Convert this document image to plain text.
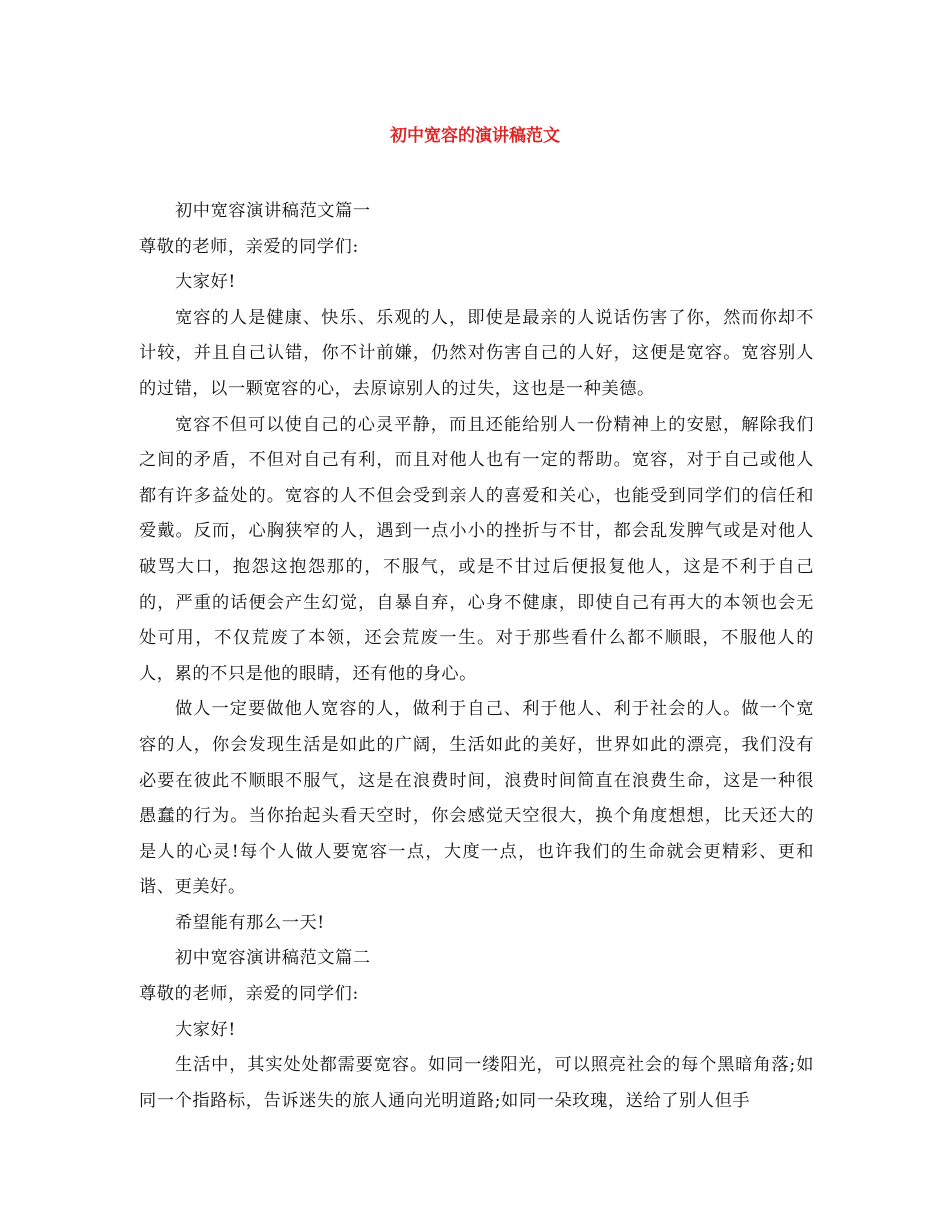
初中宽容的演讲稿范文

初中宽容演讲稿范文篇一

尊敬的老师，亲爱的同学们:

大家好!

宽容的人是健康、快乐、乐观的人，即使是最亲的人说话伤害了你，然而你却不计较，并且自己认错，你不计前嫌，仍然对伤害自己的人好，这便是宽容。宽容别人的过错，以一颗宽容的心，去原谅别人的过失，这也是一种美德。

宽容不但可以使自己的心灵平静，而且还能给别人一份精神上的安慰，解除我们之间的矛盾，不但对自己有利，而且对他人也有一定的帮助。宽容，对于自己或他人都有许多益处的。宽容的人不但会受到亲人的喜爱和关心，也能受到同学们的信任和爱戴。反而，心胸狭窄的人，遇到一点小小的挫折与不甘，都会乱发脾气或是对他人破骂大口，抱怨这抱怨那的，不服气，或是不甘过后便报复他人，这是不利于自己的，严重的话便会产生幻觉，自暴自弃，心身不健康，即使自己有再大的本领也会无处可用，不仅荒废了本领，还会荒废一生。对于那些看什么都不顺眼，不服他人的人，累的不只是他的眼睛，还有他的身心。

做人一定要做他人宽容的人，做利于自己、利于他人、利于社会的人。做一个宽容的人，你会发现生活是如此的广阔，生活如此的美好，世界如此的漂亮，我们没有必要在彼此不顺眼不服气，这是在浪费时间，浪费时间简直在浪费生命，这是一种很愚蠢的行为。当你抬起头看天空时，你会感觉天空很大，换个角度想想，比天还大的是人的心灵!每个人做人要宽容一点，大度一点，也许我们的生命就会更精彩、更和谐、更美好。

希望能有那么一天!

初中宽容演讲稿范文篇二

尊敬的老师，亲爱的同学们:

大家好!

生活中，其实处处都需要宽容。如同一缕阳光，可以照亮社会的每个黑暗角落;如同一个指路标，告诉迷失的旅人通向光明道路;如同一朵玫瑰，送给了别人但手
